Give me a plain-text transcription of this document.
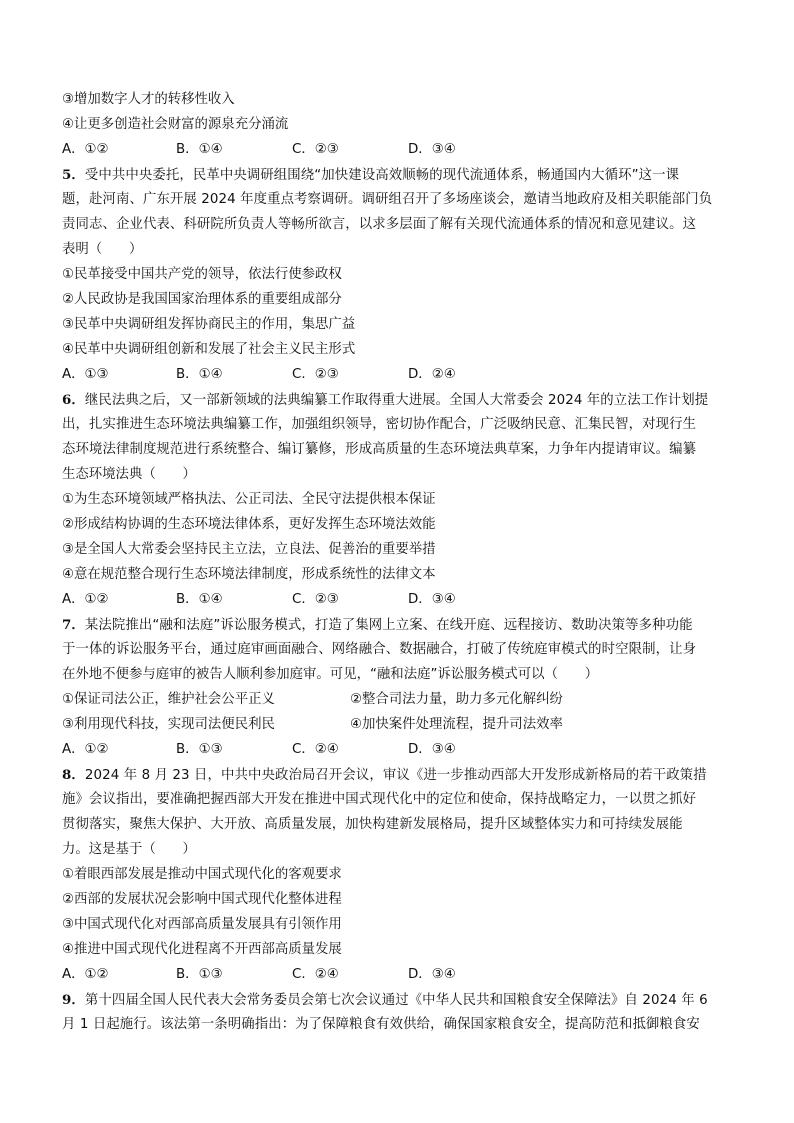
③增加数字人才的转移性收入
④让更多创造社会财富的源泉充分涌流
A．①②	B．①④	C．②③	D．③④
5．受中共中央委托，民革中央调研组围绕“加快建设高效顺畅的现代流通体系，畅通国内大循环”这一课
题，赴河南、广东开展 2024 年度重点考察调研。调研组召开了多场座谈会，邀请当地政府及相关职能部门负
责同志、企业代表、科研院所负责人等畅所欲言，以求多层面了解有关现代流通体系的情况和意见建议。这
表明（　　）
①民革接受中国共产党的领导，依法行使参政权
②人民政协是我国国家治理体系的重要组成部分
③民革中央调研组发挥协商民主的作用，集思广益
④民革中央调研组创新和发展了社会主义民主形式
A．①③	B．①④	C．②③	D．②④
6．继民法典之后，又一部新领域的法典编纂工作取得重大进展。全国人大常委会 2024 年的立法工作计划提
出，扎实推进生态环境法典编纂工作，加强组织领导，密切协作配合，广泛吸纳民意、汇集民智，对现行生
态环境法律制度规范进行系统整合、编订纂修，形成高质量的生态环境法典草案，力争年内提请审议。编纂
生态环境法典（　　）
①为生态环境领域严格执法、公正司法、全民守法提供根本保证
②形成结构协调的生态环境法律体系，更好发挥生态环境法效能
③是全国人大常委会坚持民主立法，立良法、促善治的重要举措
④意在规范整合现行生态环境法律制度，形成系统性的法律文本
A．①②	B．①④	C．②③	D．③④
7．某法院推出“融和法庭”诉讼服务模式，打造了集网上立案、在线开庭、远程接访、数助决策等多种功能
于一体的诉讼服务平台，通过庭审画面融合、网络融合、数据融合，打破了传统庭审模式的时空限制，让身
在外地不便参与庭审的被告人顺利参加庭审。可见，“融和法庭”诉讼服务模式可以（　　）
①保证司法公正，维护社会公平正义	②整合司法力量，助力多元化解纠纷
③利用现代科技，实现司法便民利民	④加快案件处理流程，提升司法效率
A．①②	B．①③	C．②④	D．③④
8．2024 年 8 月 23 日，中共中央政治局召开会议，审议《进一步推动西部大开发形成新格局的若干政策措
施》会议指出，要准确把握西部大开发在推进中国式现代化中的定位和使命，保持战略定力，一以贯之抓好
贯彻落实，聚焦大保护、大开放、高质量发展，加快构建新发展格局，提升区域整体实力和可持续发展能
力。这是基于（　　）
①着眼西部发展是推动中国式现代化的客观要求
②西部的发展状况会影响中国式现代化整体进程
③中国式现代化对西部高质量发展具有引领作用
④推进中国式现代化进程离不开西部高质量发展
A．①②	B．①③	C．②④	D．③④
9．第十四届全国人民代表大会常务委员会第七次会议通过《中华人民共和国粮食安全保障法》自 2024 年 6
月 1 日起施行。该法第一条明确指出：为了保障粮食有效供给，确保国家粮食安全，提高防范和抵御粮食安
